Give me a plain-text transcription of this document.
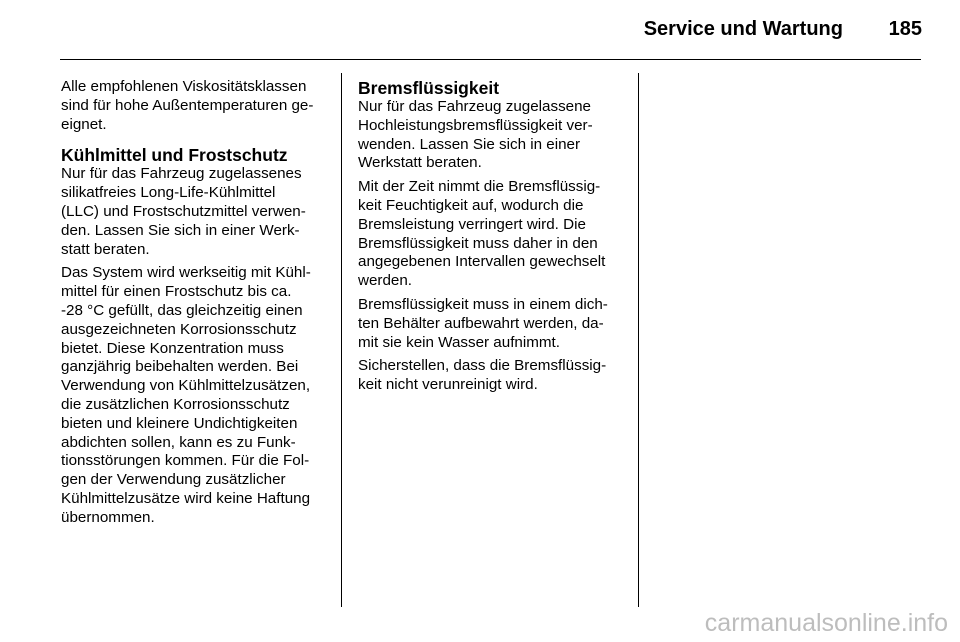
Service und Wartung 185

Alle empfohlenen Viskositätsklassen
sind für hohe Außentemperaturen ge-
eignet.

Kühlmittel und Frostschutz

Nur für das Fahrzeug zugelassenes
silikatfreies Long-Life-Kühlmittel
(LLC) und Frostschutzmittel verwen-
den. Lassen Sie sich in einer Werk-
statt beraten.

Das System wird werkseitig mit Kühl-
mittel für einen Frostschutz bis ca.
-28 °C gefüllt, das gleichzeitig einen
ausgezeichneten Korrosionsschutz
bietet. Diese Konzentration muss
ganzjährig beibehalten werden. Bei
Verwendung von Kühlmittelzusätzen,
die zusätzlichen Korrosionsschutz
bieten und kleinere Undichtigkeiten
abdichten sollen, kann es zu Funk-
tionsstörungen kommen. Für die Fol-
gen der Verwendung zusätzlicher
Kühlmittelzusätze wird keine Haftung
übernommen.

Bremsflüssigkeit

Nur für das Fahrzeug zugelassene
Hochleistungsbremsflüssigkeit ver-
wenden. Lassen Sie sich in einer
Werkstatt beraten.

Mit der Zeit nimmt die Bremsflüssig-
keit Feuchtigkeit auf, wodurch die
Bremsleistung verringert wird. Die
Bremsflüssigkeit muss daher in den
angegebenen Intervallen gewechselt
werden.

Bremsflüssigkeit muss in einem dich-
ten Behälter aufbewahrt werden, da-
mit sie kein Wasser aufnimmt.

Sicherstellen, dass die Bremsflüssig-
keit nicht verunreinigt wird.

carmanualsonline.info
